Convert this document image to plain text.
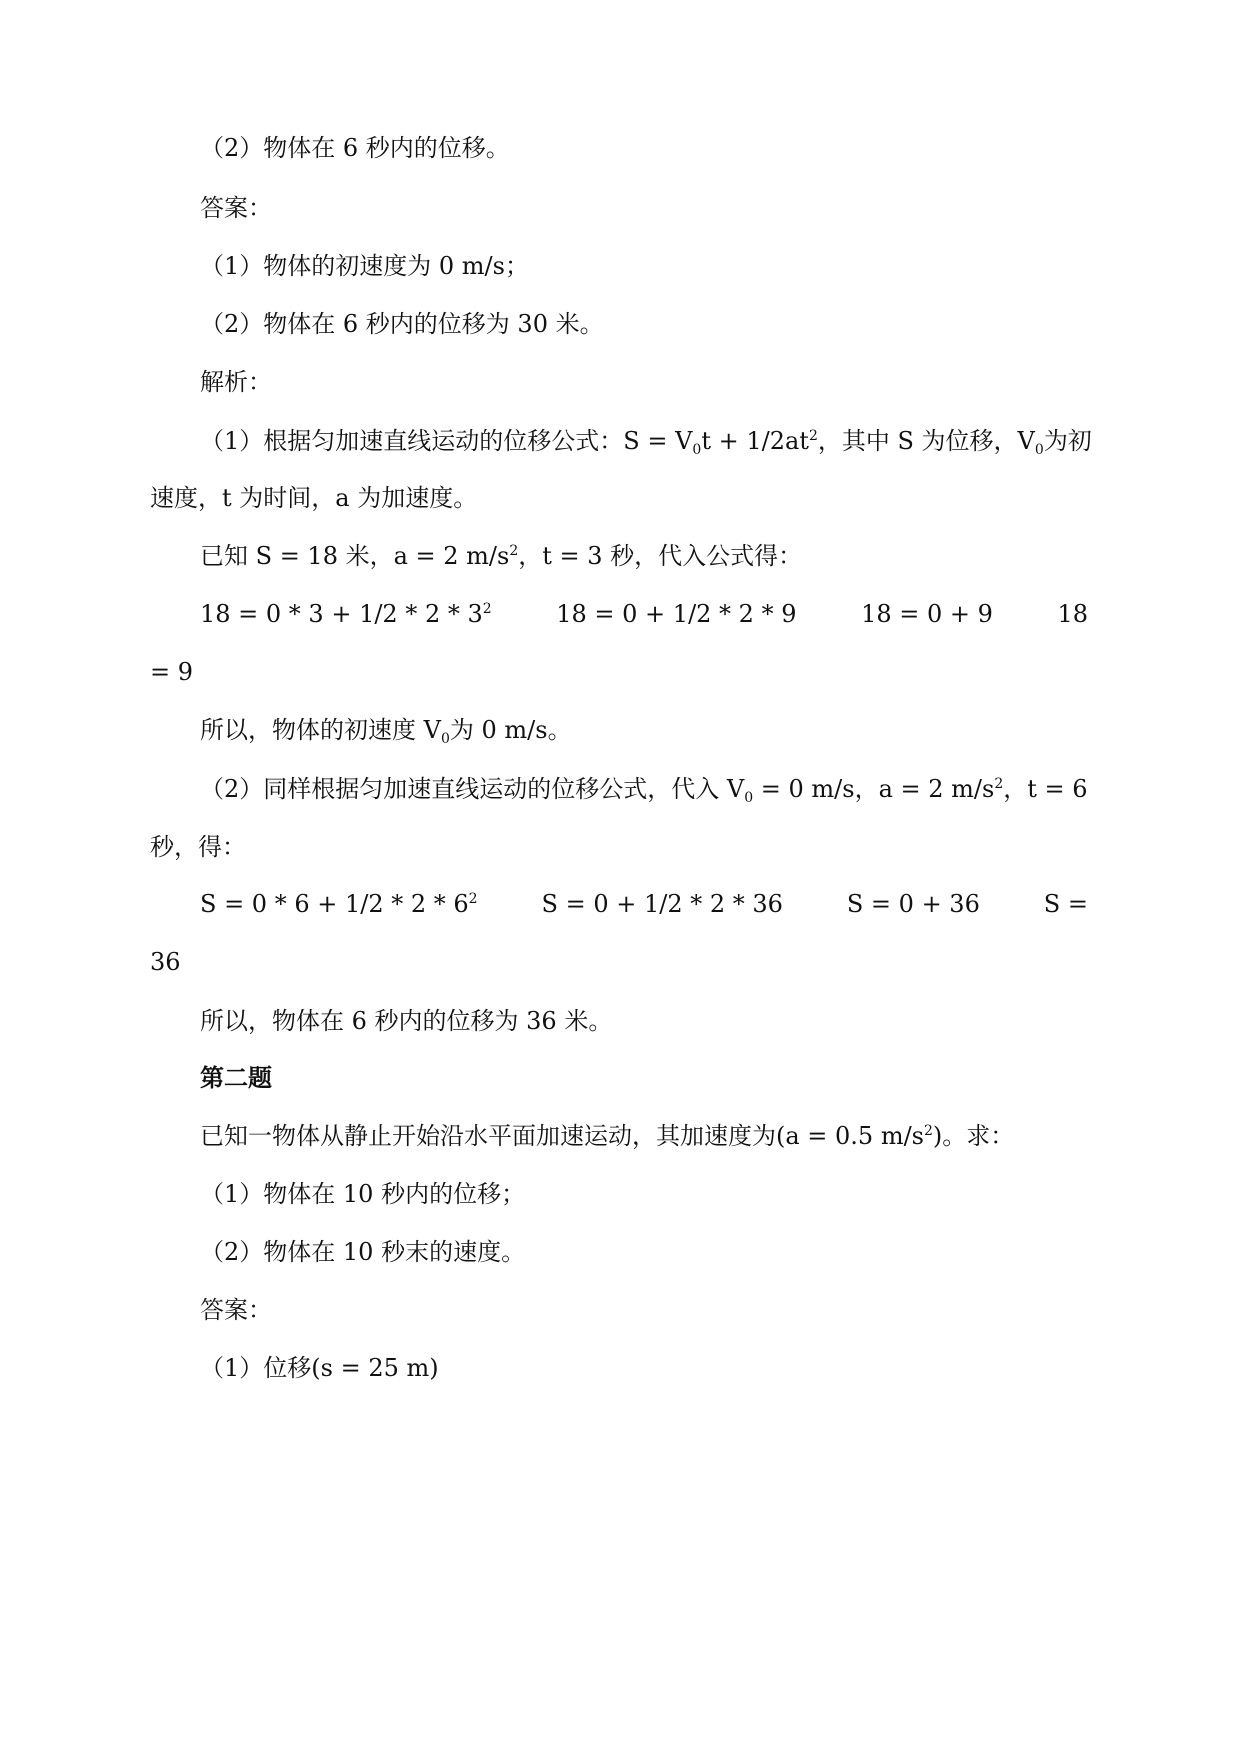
（2）物体在 6 秒内的位移。
答案：
（1）物体的初速度为 0 m/s；
（2）物体在 6 秒内的位移为 30 米。
解析：
（1）根据匀加速直线运动的位移公式：$S = V_0t + 1/2at^2$，其中 S 为位移，$V_0$为初
速度，t 为时间，a 为加速度。
已知 S = 18 米，a = 2 $m/s^2$，t = 3 秒，代入公式得：
$18 = 0 * 3 + 1/2 * 2 * 3^2$	18 = 0 + 1/2 * 2 * 9	18 = 0 + 9	18
= 9
所以，物体的初速度 $V_0$为 0 m/s。
（2）同样根据匀加速直线运动的位移公式，代入 $V_0 = 0$ m/s，a = 2 $m/s^2$，t = 6
秒，得：
$S = 0 * 6 + 1/2 * 2 * 6^2$	S = 0 + 1/2 * 2 * 36	S = 0 + 36	S =
36
所以，物体在 6 秒内的位移为 36 米。
第二题
已知一物体从静止开始沿水平面加速运动，其加速度为(a = 0.5 $m/s^2$)。求：
（1）物体在 10 秒内的位移；
（2）物体在 10 秒末的速度。
答案：
（1）位移(s = 25 m)
